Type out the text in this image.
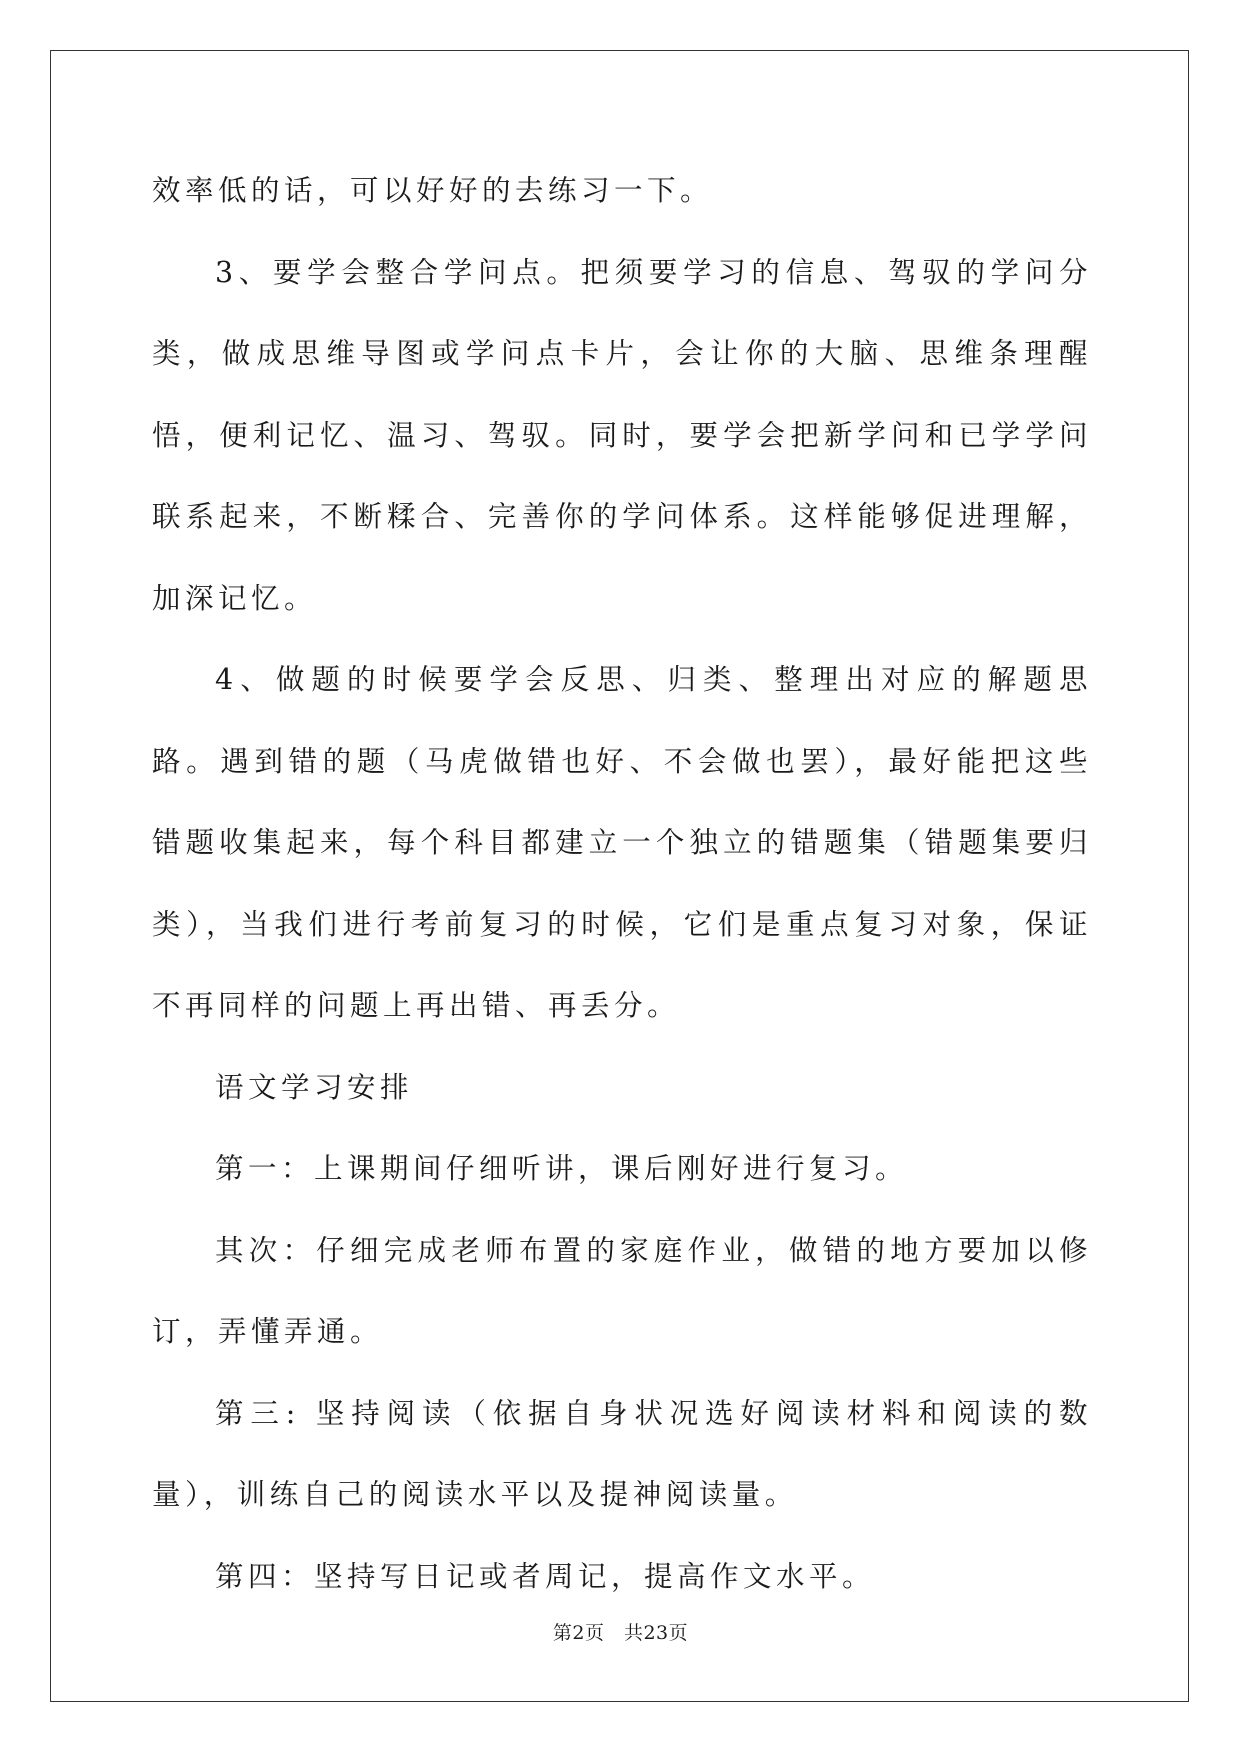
效率低的话，可以好好的去练习一下。

3、要学会整合学问点。把须要学习的信息、驾驭的学问分类，做成思维导图或学问点卡片，会让你的大脑、思维条理醒悟，便利记忆、温习、驾驭。同时，要学会把新学问和已学学问联系起来，不断糅合、完善你的学问体系。这样能够促进理解，加深记忆。

4、做题的时候要学会反思、归类、整理出对应的解题思路。遇到错的题（马虎做错也好、不会做也罢），最好能把这些错题收集起来，每个科目都建立一个独立的错题集（错题集要归类），当我们进行考前复习的时候，它们是重点复习对象，保证不再同样的问题上再出错、再丢分。

语文学习安排

第一：上课期间仔细听讲，课后刚好进行复习。

其次：仔细完成老师布置的家庭作业，做错的地方要加以修订，弄懂弄通。

第三: 坚持阅读（依据自身状况选好阅读材料和阅读的数量），训练自己的阅读水平以及提神阅读量。

第四：坚持写日记或者周记，提高作文水平。

第2页　共23页
